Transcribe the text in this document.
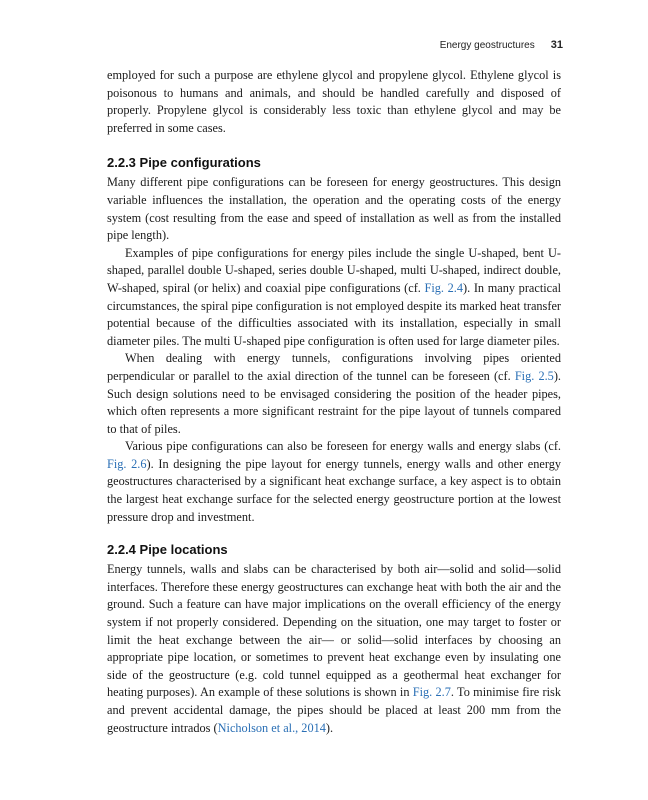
Energy geostructures 31

employed for such a purpose are ethylene glycol and propylene glycol. Ethylene glycol is poisonous to humans and animals, and should be handled carefully and disposed of properly. Propylene glycol is considerably less toxic than ethylene glycol and may be preferred in some cases.

2.2.3 Pipe configurations

Many different pipe configurations can be foreseen for energy geostructures. This design variable influences the installation, the operation and the operating costs of the energy system (cost resulting from the ease and speed of installation as well as from the installed pipe length).

Examples of pipe configurations for energy piles include the single U-shaped, bent U-shaped, parallel double U-shaped, series double U-shaped, multi U-shaped, indirect double, W-shaped, spiral (or helix) and coaxial pipe configurations (cf. Fig. 2.4). In many practical circumstances, the spiral pipe configuration is not employed despite its marked heat transfer potential because of the difficulties associated with its installation, especially in small diameter piles. The multi U-shaped pipe configuration is often used for large diameter piles.

When dealing with energy tunnels, configurations involving pipes oriented perpendicular or parallel to the axial direction of the tunnel can be foreseen (cf. Fig. 2.5). Such design solutions need to be envisaged considering the position of the header pipes, which often represents a more significant restraint for the pipe layout of tunnels compared to that of piles.

Various pipe configurations can also be foreseen for energy walls and energy slabs (cf. Fig. 2.6). In designing the pipe layout for energy tunnels, energy walls and other energy geostructures characterised by a significant heat exchange surface, a key aspect is to obtain the largest heat exchange surface for the selected energy geostructure portion at the lowest pressure drop and investment.

2.2.4 Pipe locations

Energy tunnels, walls and slabs can be characterised by both air—solid and solid—solid interfaces. Therefore these energy geostructures can exchange heat with both the air and the ground. Such a feature can have major implications on the overall efficiency of the energy system if not properly considered. Depending on the situation, one may target to foster or limit the heat exchange between the air— or solid—solid interfaces by choosing an appropriate pipe location, or sometimes to prevent heat exchange even by insulating one side of the geostructure (e.g. cold tunnel equipped as a geothermal heat exchanger for heating purposes). An example of these solutions is shown in Fig. 2.7. To minimise fire risk and prevent accidental damage, the pipes should be placed at least 200 mm from the geostructure intrados (Nicholson et al., 2014).
